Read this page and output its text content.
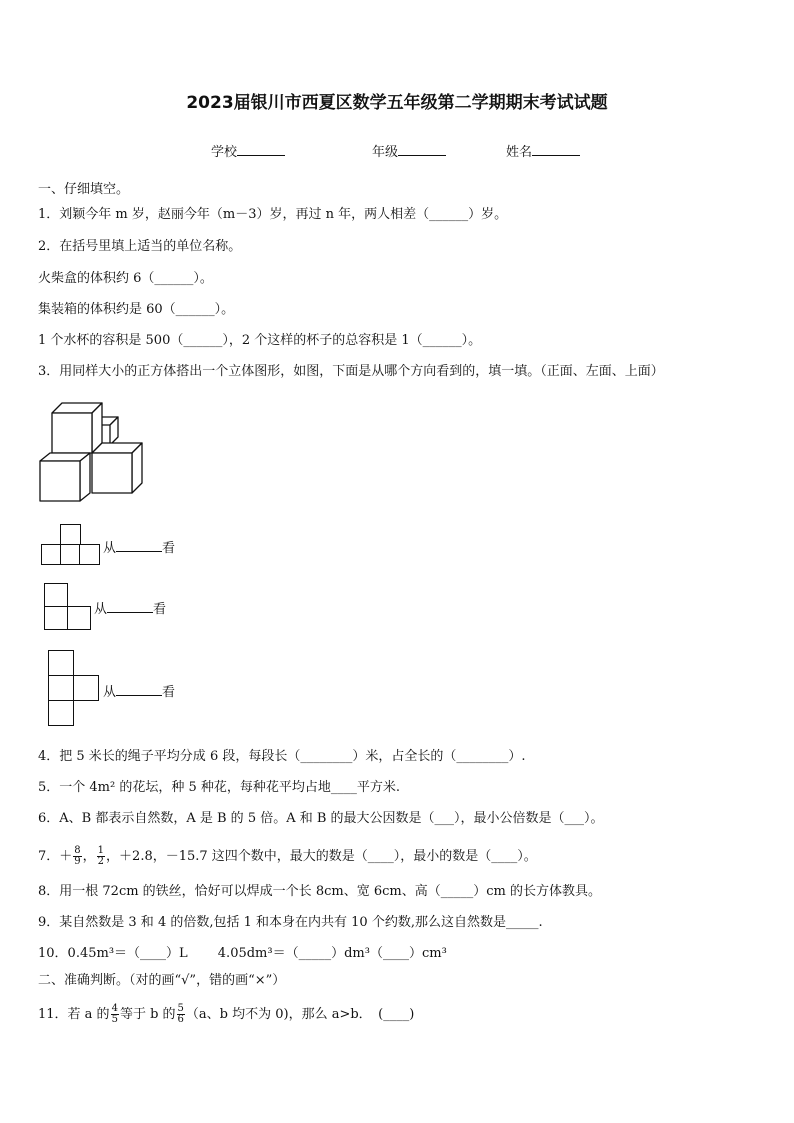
2023届银川市西夏区数学五年级第二学期期末考试试题
学校	年级	姓名
一、仔细填空。
1．刘颖今年 m 岁，赵丽今年（m－3）岁，再过 n 年，两人相差（______）岁。
2．在括号里填上适当的单位名称。
火柴盒的体积约 6（______）。
集装箱的体积约是 60（______）。
1 个水杯的容积是 500（______），2 个这样的杯子的总容积是 1（______）。
3．用同样大小的正方体搭出一个立体图形，如图，下面是从哪个方向看到的，填一填。（正面、左面、上面）
从	看
从	看
从	看
4．把 5 米长的绳子平均分成 6 段，每段长（________）米，占全长的（________）.
5．一个 4m² 的花坛，种 5 种花，每种花平均占地____平方米.
6．A、B 都表示自然数，A 是 B 的 5 倍。A 和 B 的最大公因数是（___），最小公倍数是（___）。
7．＋ $\frac{8}{9}$ ， $\frac{1}{2}$ ，＋2.8，－15.7 这四个数中，最大的数是（____），最小的数是（____）。
8．用一根 72cm 的铁丝，恰好可以焊成一个长 8cm、宽 6cm、高（_____）cm 的长方体教具。
9．某自然数是 3 和 4 的倍数,包括 1 和本身在内共有 10 个约数,那么这自然数是_____.
10．0.45m³＝（____）L　　 4.05dm³＝（_____）dm³（____）cm³
二、准确判断。（对的画“√”，错的画“×”）
11．若 a 的 $\frac{4}{5}$ 等于 b 的 $\frac{5}{6} (a$、b 均不为 0)，那么 a>b．　(____)
